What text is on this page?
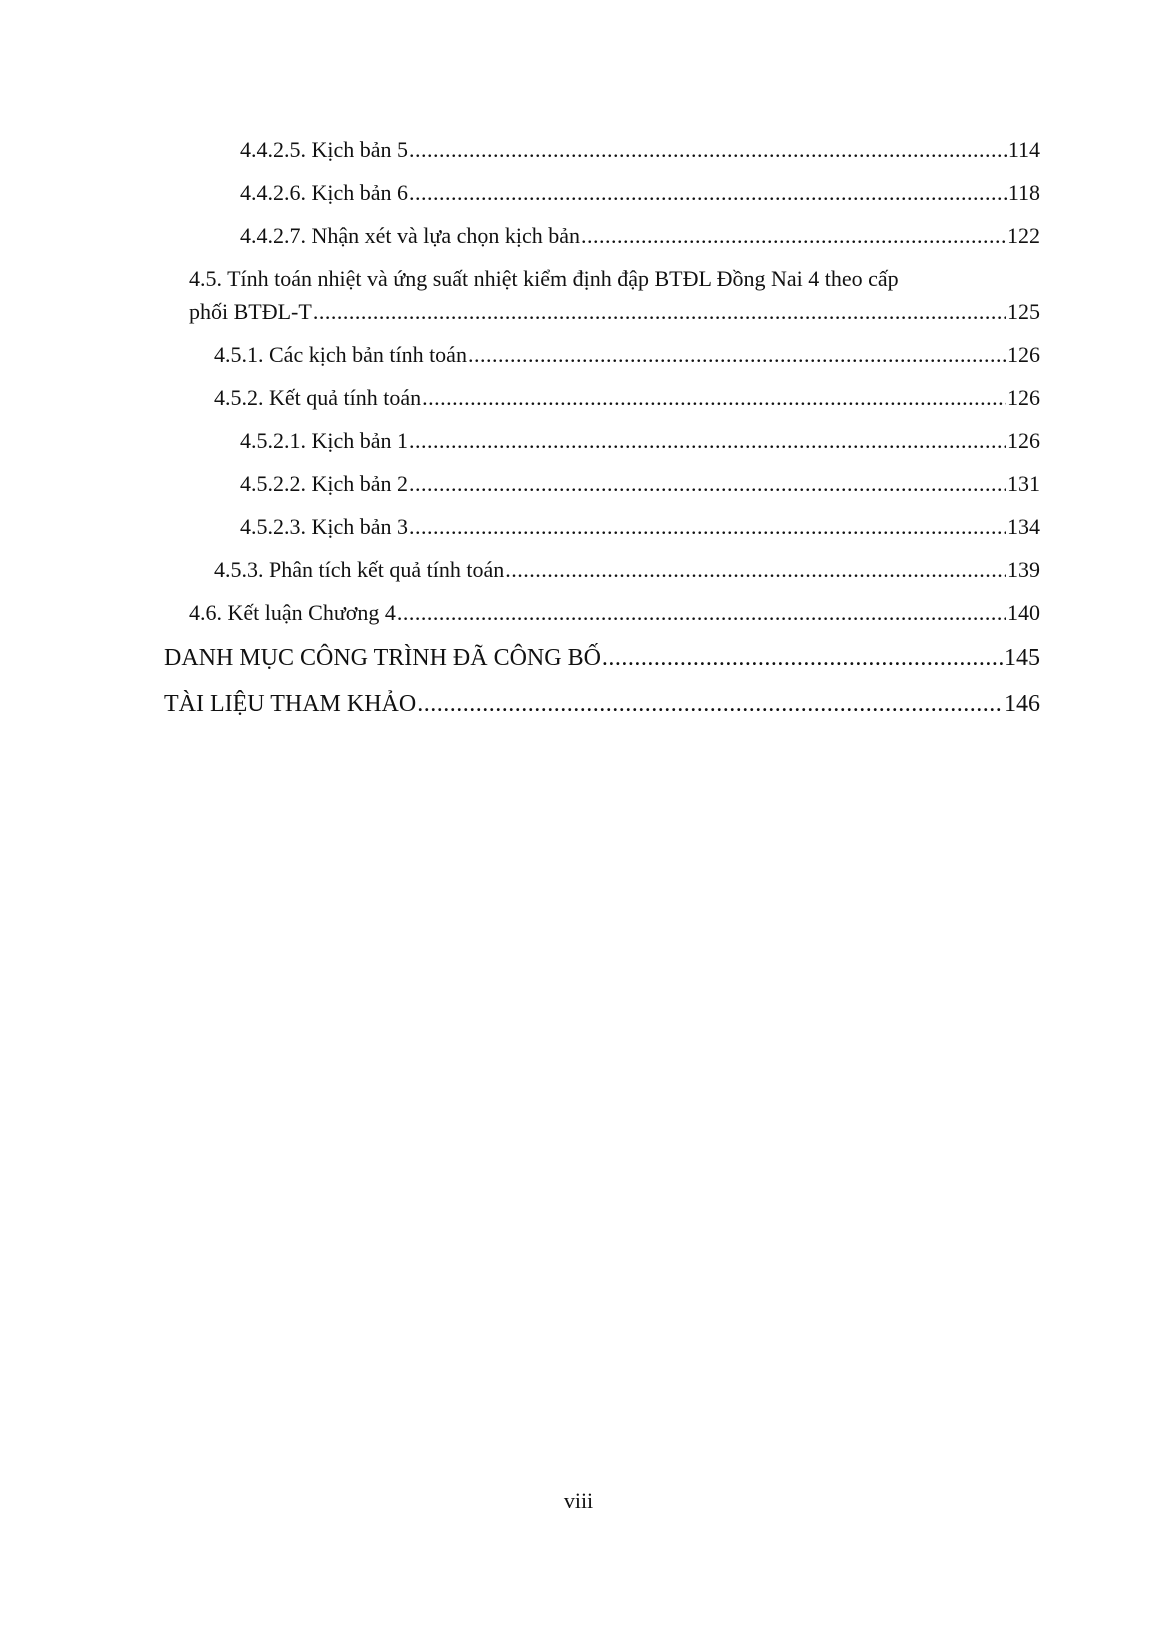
4.4.2.5. Kịch bản 5 .....	114
4.4.2.6. Kịch bản 6 .....	118
4.4.2.7. Nhận xét và lựa chọn kịch bản .....	122
4.5. Tính toán nhiệt và ứng suất nhiệt kiểm định đập BTĐL Đồng Nai 4 theo cấp
phối BTĐL-T .....	125
4.5.1. Các kịch bản tính toán .....	126
4.5.2. Kết quả tính toán .....	126
4.5.2.1. Kịch bản 1 .....	126
4.5.2.2. Kịch bản 2 .....	131
4.5.2.3. Kịch bản 3 .....	134
4.5.3. Phân tích kết quả tính toán .....	139
4.6. Kết luận Chương 4 .....	140
DANH MỤC CÔNG TRÌNH ĐÃ CÔNG BỐ .....	145
TÀI LIỆU THAM KHẢO .....	146
viii
